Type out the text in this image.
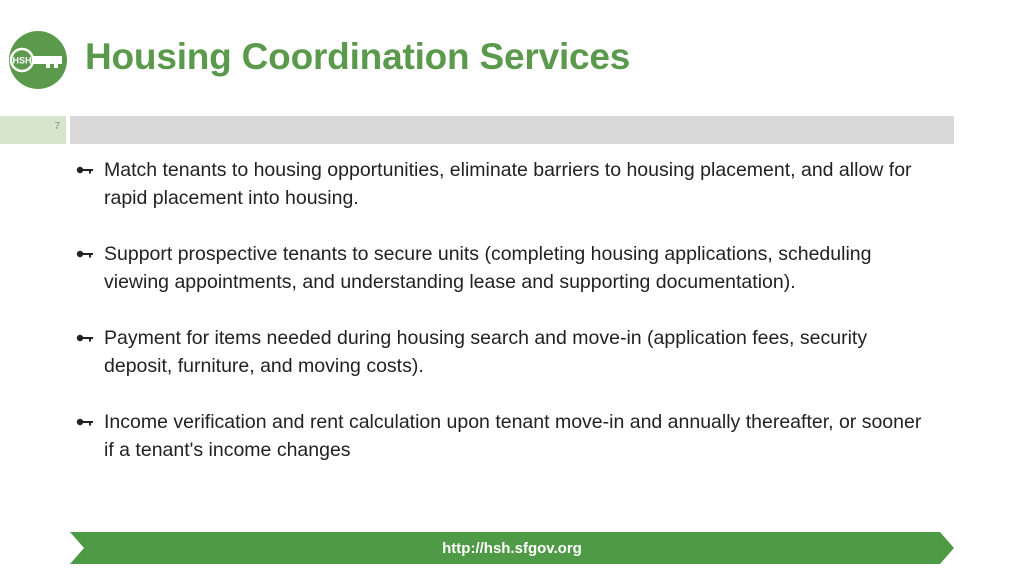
HSH Housing Coordination Services
7
Match tenants to housing opportunities, eliminate barriers to housing placement, and allow for rapid placement into housing.
Support prospective tenants to secure units (completing housing applications, scheduling viewing appointments, and understanding lease and supporting documentation).
Payment for items needed during housing search and move-in (application fees, security deposit, furniture, and moving costs).
Income verification and rent calculation upon tenant move-in and annually thereafter, or sooner if a tenant's income changes
http://hsh.sfgov.org
